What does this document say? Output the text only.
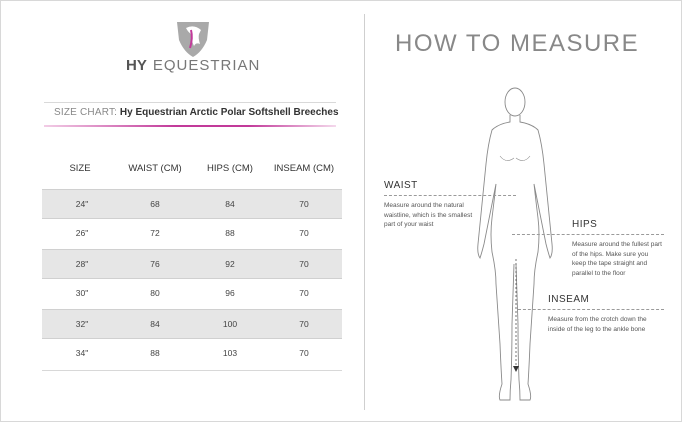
HY EQUESTRIAN
SIZE CHART: Hy Equestrian Arctic Polar Softshell Breeches
SIZE	WAIST (CM)	HIPS (CM)	INSEAM (CM)
24"	68	84	70
26"	72	88	70
28"	76	92	70
30"	80	96	70
32"	84	100	70
34"	88	103	70
HOW TO MEASURE
WAIST
Measure around the natural waistline, which is the smallest part of your waist	HIPS
Measure around the fullest part of the hips. Make sure you keep the tape straight and parallel to the floor
INSEAM
Measure from the crotch down the inside of the leg to the ankle bone
